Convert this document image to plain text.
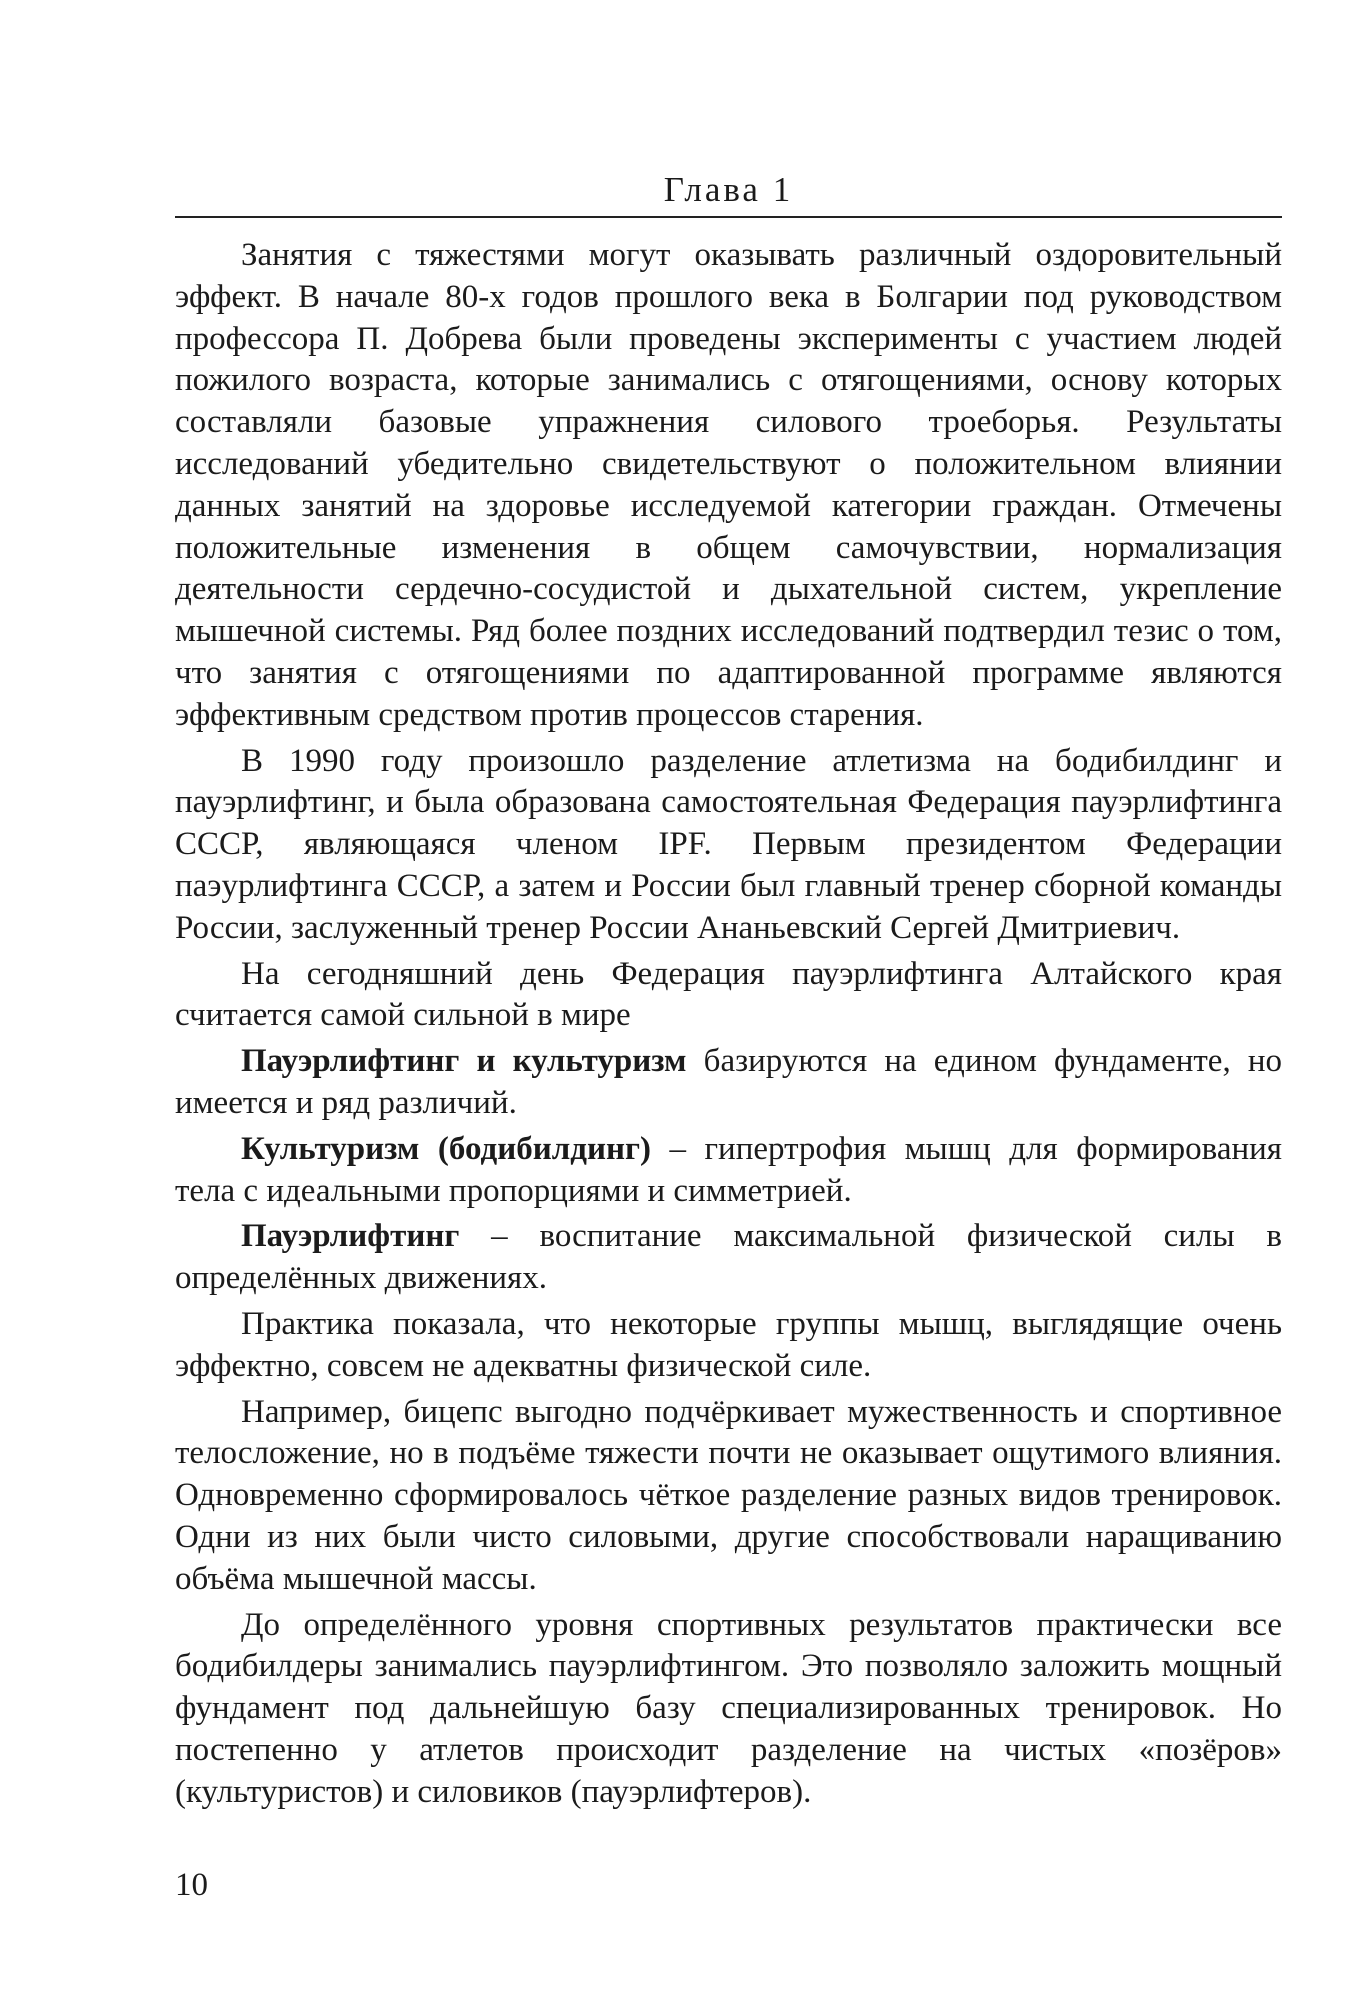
Глава 1

Занятия с тяжестями могут оказывать различный оздоровительный эффект. В начале 80-х годов прошлого века в Болгарии под руководством профессора П. Добрева были проведены эксперименты с участием людей пожилого возраста, которые занимались с отягощениями, основу которых составляли базовые упражнения силового троеборья. Результаты исследований убедительно свидетельствуют о положительном влиянии данных занятий на здоровье исследуемой категории граждан. Отмечены положительные изменения в общем самочувствии, нормализация деятельности сердечно-сосудистой и дыхательной систем, укрепление мышечной системы. Ряд более поздних исследований подтвердил тезис о том, что занятия с отягощениями по адаптированной программе являются эффективным средством против процессов старения.

В 1990 году произошло разделение атлетизма на бодибилдинг и пауэрлифтинг, и была образована самостоятельная Федерация пауэрлифтинга СССР, являющаяся членом IPF. Первым президентом Федерации паэурлифтинга СССР, а затем и России был главный тренер сборной команды России, заслуженный тренер России Ананьевский Сергей Дмитриевич.

На сегодняшний день Федерация пауэрлифтинга Алтайского края считается самой сильной в мире

Пауэрлифтинг и культуризм базируются на едином фундаменте, но имеется и ряд различий.

Культуризм (бодибилдинг) – гипертрофия мышц для формирования тела с идеальными пропорциями и симметрией.

Пауэрлифтинг – воспитание максимальной физической силы в определённых движениях.

Практика показала, что некоторые группы мышц, выглядящие очень эффектно, совсем не адекватны физической силе.

Например, бицепс выгодно подчёркивает мужественность и спортивное телосложение, но в подъёме тяжести почти не оказывает ощутимого влияния. Одновременно сформировалось чёткое разделение разных видов тренировок. Одни из них были чисто силовыми, другие способствовали наращиванию объёма мышечной массы.

До определённого уровня спортивных результатов практически все бодибилдеры занимались пауэрлифтингом. Это позволяло заложить мощный фундамент под дальнейшую базу специализированных тренировок. Но постепенно у атлетов происходит разделение на чистых «позёров» (культуристов) и силовиков (пауэрлифтеров).

10
